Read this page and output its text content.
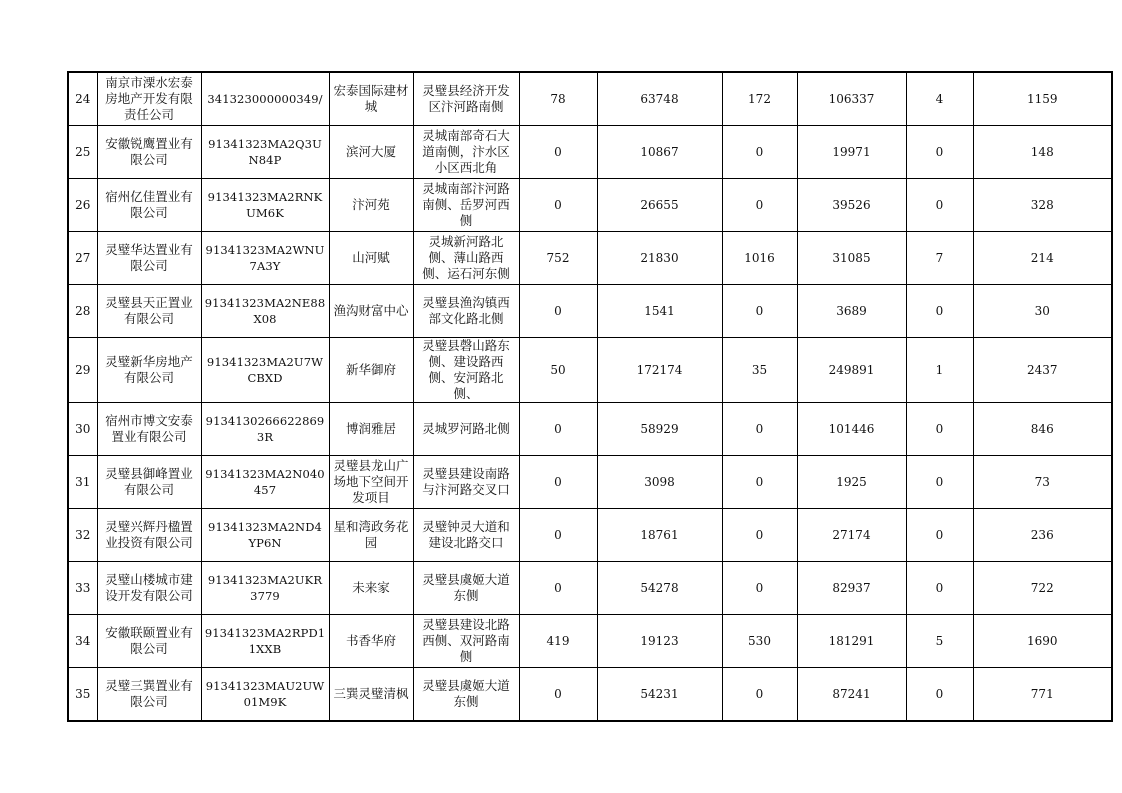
24	南京市溧水宏泰房地产开发有限责任公司	341323000000349/	宏泰国际建材城	灵璧县经济开发区汴河路南侧	78	63748	172	106337	4	1159
25	安徽锐鹰置业有限公司	91341323MA2Q3UN84P	滨河大厦	灵城南部奇石大道南侧，汴水区小区西北角	0	10867	0	19971	0	148
26	宿州亿佳置业有限公司	91341323MA2RNKUM6K	汴河苑	灵城南部汴河路南侧、岳罗河西侧	0	26655	0	39526	0	328
27	灵璧华达置业有限公司	91341323MA2WNU7A3Y	山河赋	灵城新河路北侧、薄山路西侧、运石河东侧	752	21830	1016	31085	7	214
28	灵璧县天正置业有限公司	91341323MA2NE88X08	渔沟财富中心	灵璧县渔沟镇西部文化路北侧	0	1541	0	3689	0	30
29	灵璧新华房地产有限公司	91341323MA2U7WCBXD	新华御府	灵璧县磬山路东侧、建设路西侧、安河路北侧、	50	172174	35	249891	1	2437
30	宿州市博文安泰置业有限公司	91341302666228693R	博润雅居	灵城罗河路北侧	0	58929	0	101446	0	846
31	灵璧县御峰置业有限公司	91341323MA2N040457	灵璧县龙山广场地下空间开发项目	灵璧县建设南路与汴河路交叉口	0	3098	0	1925	0	73
32	灵璧兴辉丹楹置业投资有限公司	91341323MA2ND4YP6N	星和湾政务花园	灵璧钟灵大道和建设北路交口	0	18761	0	27174	0	236
33	灵璧山楼城市建设开发有限公司	91341323MA2UKR3779	未来家	灵璧县虞姬大道东侧	0	54278	0	82937	0	722
34	安徽联颐置业有限公司	91341323MA2RPD11XXB	书香华府	灵璧县建设北路西侧、双河路南侧	419	19123	530	181291	5	1690
35	灵璧三巽置业有限公司	91341323MAU2UW01M9K	三巽灵璧清枫	灵璧县虞姬大道东侧	0	54231	0	87241	0	771
